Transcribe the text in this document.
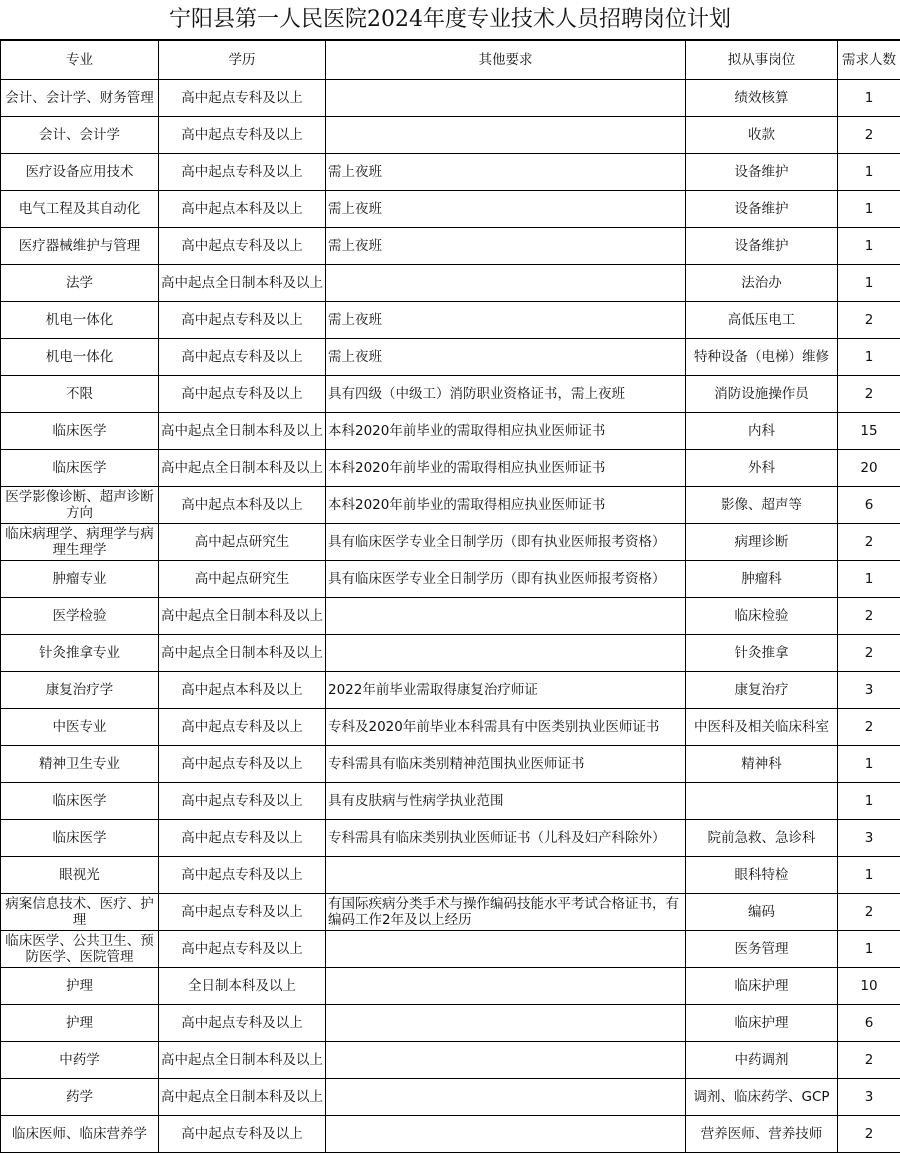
宁阳县第一人民医院2024年度专业技术人员招聘岗位计划
专业	学历	其他要求	拟从事岗位	需求人数
会计、会计学、财务管理	高中起点专科及以上		绩效核算	1
会计、会计学	高中起点专科及以上		收款	2
医疗设备应用技术	高中起点专科及以上	需上夜班	设备维护	1
电气工程及其自动化	高中起点本科及以上	需上夜班	设备维护	1
医疗器械维护与管理	高中起点专科及以上	需上夜班	设备维护	1
法学	高中起点全日制本科及以上		法治办	1
机电一体化	高中起点专科及以上	需上夜班	高低压电工	2
机电一体化	高中起点专科及以上	需上夜班	特种设备（电梯）维修	1
不限	高中起点专科及以上	具有四级（中级工）消防职业资格证书，需上夜班	消防设施操作员	2
临床医学	高中起点全日制本科及以上	本科2020年前毕业的需取得相应执业医师证书	内科	15
临床医学	高中起点全日制本科及以上	本科2020年前毕业的需取得相应执业医师证书	外科	20
医学影像诊断、超声诊断方向	高中起点本科及以上	本科2020年前毕业的需取得相应执业医师证书	影像、超声等	6
临床病理学、病理学与病理生理学	高中起点研究生	具有临床医学专业全日制学历（即有执业医师报考资格）	病理诊断	2
肿瘤专业	高中起点研究生	具有临床医学专业全日制学历（即有执业医师报考资格）	肿瘤科	1
医学检验	高中起点全日制本科及以上		临床检验	2
针灸推拿专业	高中起点全日制本科及以上		针灸推拿	2
康复治疗学	高中起点本科及以上	2022年前毕业需取得康复治疗师证	康复治疗	3
中医专业	高中起点专科及以上	专科及2020年前毕业本科需具有中医类别执业医师证书	中医科及相关临床科室	2
精神卫生专业	高中起点专科及以上	专科需具有临床类别精神范围执业医师证书	精神科	1
临床医学	高中起点专科及以上	具有皮肤病与性病学执业范围		1
临床医学	高中起点专科及以上	专科需具有临床类别执业医师证书（儿科及妇产科除外）	院前急救、急诊科	3
眼视光	高中起点专科及以上		眼科特检	1
病案信息技术、医疗、护理	高中起点专科及以上	有国际疾病分类手术与操作编码技能水平考试合格证书，有编码工作2年及以上经历	编码	2
临床医学、公共卫生、预防医学、医院管理	高中起点专科及以上		医务管理	1
护理	全日制本科及以上		临床护理	10
护理	高中起点专科及以上		临床护理	6
中药学	高中起点全日制本科及以上		中药调剂	2
药学	高中起点全日制本科及以上		调剂、临床药学、GCP	3
临床医师、临床营养学	高中起点专科及以上		营养医师、营养技师	2
